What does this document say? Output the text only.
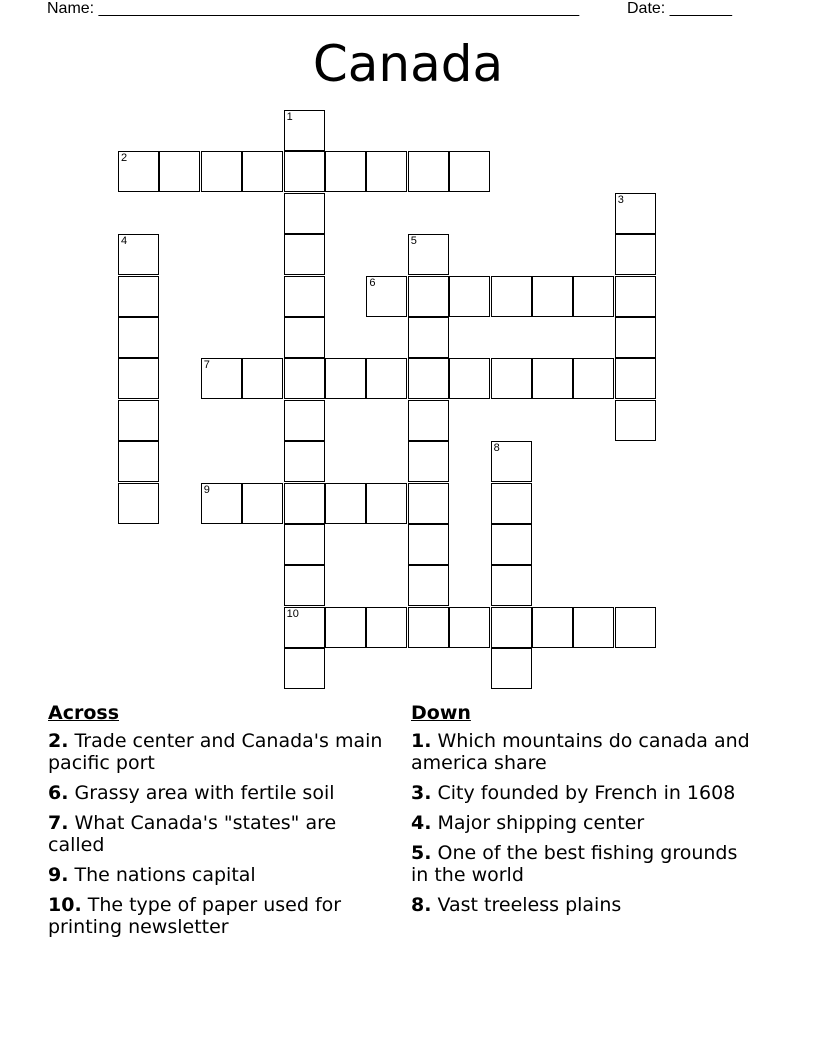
Name: ______________________________________________________	Date: _______
Canada
1
10
2
3
4	5
6
7
8
9
Across
2. Trade center and Canada's main pacific port
6. Grassy area with fertile soil
7. What Canada's "states" are called
9. The nations capital
10. The type of paper used for printing newsletter
Down
1. Which mountains do canada and america share
3. City founded by French in 1608
4. Major shipping center
5. One of the best fishing grounds in the world
8. Vast treeless plains
